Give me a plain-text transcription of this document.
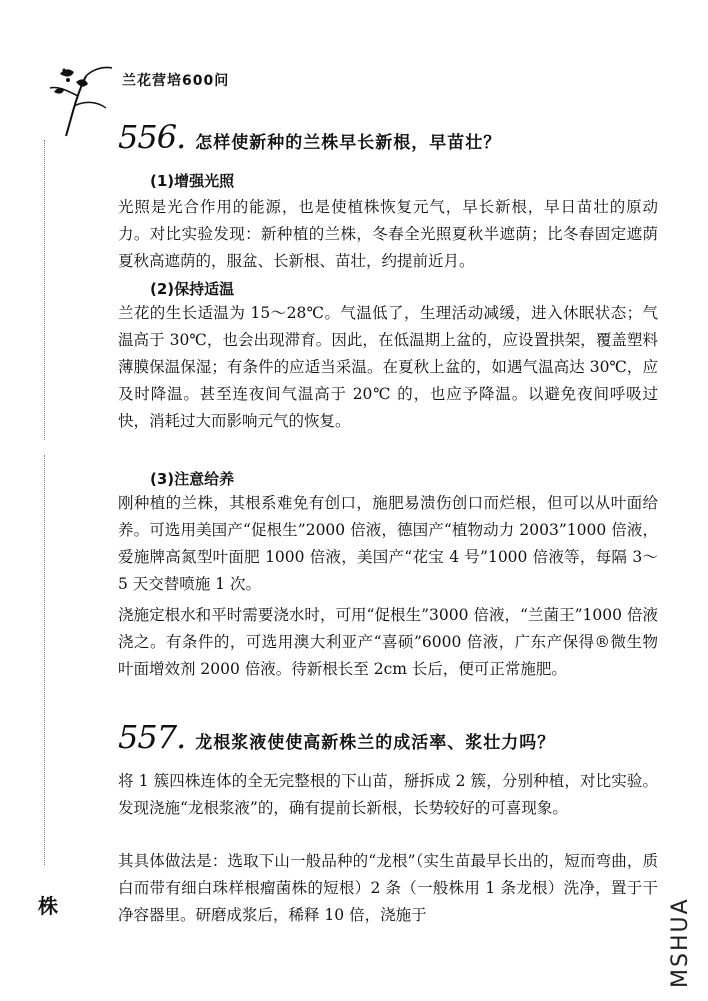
兰花营培600问
556. 怎样使新种的兰株早长新根，早苗壮？
(1)增强光照
光照是光合作用的能源，也是使植株恢复元气，早长新根，早日苗壮的原动力。对比实验发现：新种植的兰株，冬春全光照夏秋半遮荫；比冬春固定遮荫夏秋高遮荫的，服盆、长新根、苗壮，约提前近月。
(2)保持适温
兰花的生长适温为 15～28℃。气温低了，生理活动减缓，进入休眠状态；气温高于 30℃，也会出现滞育。因此，在低温期上盆的，应设置拱架，覆盖塑料薄膜保温保湿；有条件的应适当采温。在夏秋上盆的，如遇气温高达 30℃，应及时降温。甚至连夜间气温高于 20℃ 的，也应予降温。以避免夜间呼吸过快，消耗过大而影响元气的恢复。
(3)注意给养
刚种植的兰株，其根系难免有创口，施肥易溃伤创口而烂根，但可以从叶面给养。可选用美国产“促根生”2000 倍液，德国产“植物动力 2003”1000 倍液，爱施牌高氮型叶面肥 1000 倍液，美国产“花宝 4 号”1000 倍液等，每隔 3～5 天交替喷施 1 次。
浇施定根水和平时需要浇水时，可用“促根生”3000 倍液，“兰菌王”1000 倍液浇之。有条件的，可选用澳大利亚产“喜硕”6000 倍液，广东产保得®微生物叶面增效剂 2000 倍液。待新根长至 2cm 长后，便可正常施肥。
557. 龙根浆液使使高新株兰的成活率、浆壮力吗？
将 1 簇四株连体的全无完整根的下山苗，掰拆成 2 簇，分别种植，对比实验。发现浇施“龙根浆液”的，确有提前长新根，长势较好的可喜现象。
其具体做法是：选取下山一般品种的“龙根”（实生苗最早长出的，短而弯曲，质白而带有细白珠样根瘤菌株的短根）2 条（一般株用 1 条龙根）洗净，置于干净容器里。研磨成浆后，稀释 10 倍，浇施于
株	MSHUA
